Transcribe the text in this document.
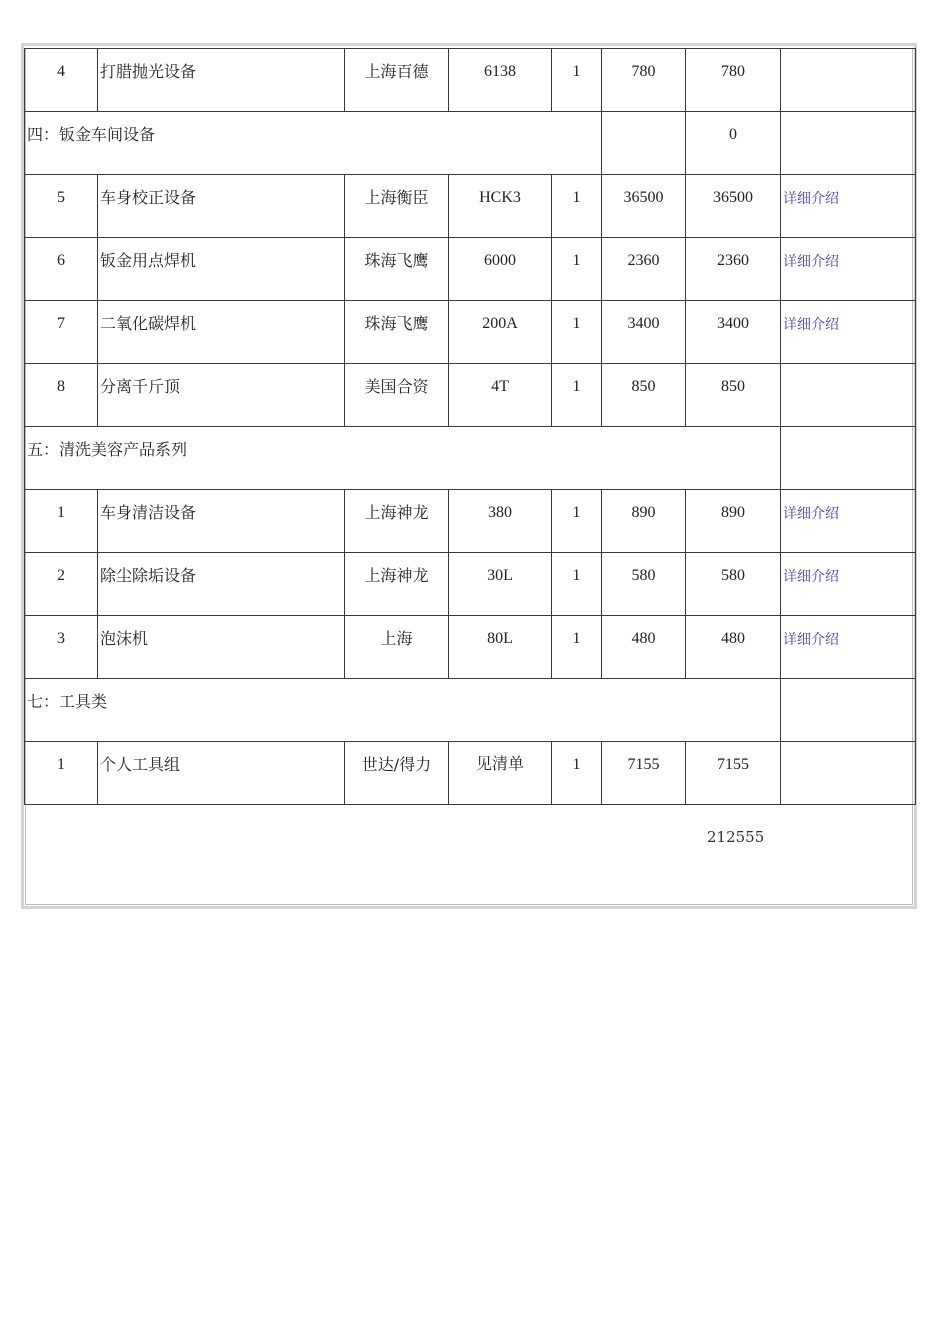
4	打腊抛光设备	上海百德	6138	1	780	780	
四：钣金车间设备						0	
5	车身校正设备	上海衡臣	HCK3	1	36500	36500	详细介绍
6	钣金用点焊机	珠海飞鹰	6000	1	2360	2360	详细介绍
7	二氧化碳焊机	珠海飞鹰	200A	1	3400	3400	详细介绍
8	分离千斤顶	美国合资	4T	1	850	850	
五：清洗美容产品系列							
1	车身清洁设备	上海神龙	380	1	890	890	详细介绍
2	除尘除垢设备	上海神龙	30L	1	580	580	详细介绍
3	泡沫机	上海	80L	1	480	480	详细介绍
七：工具类							
1	个人工具组	世达/得力	见清单	1	7155	7155	
212555
